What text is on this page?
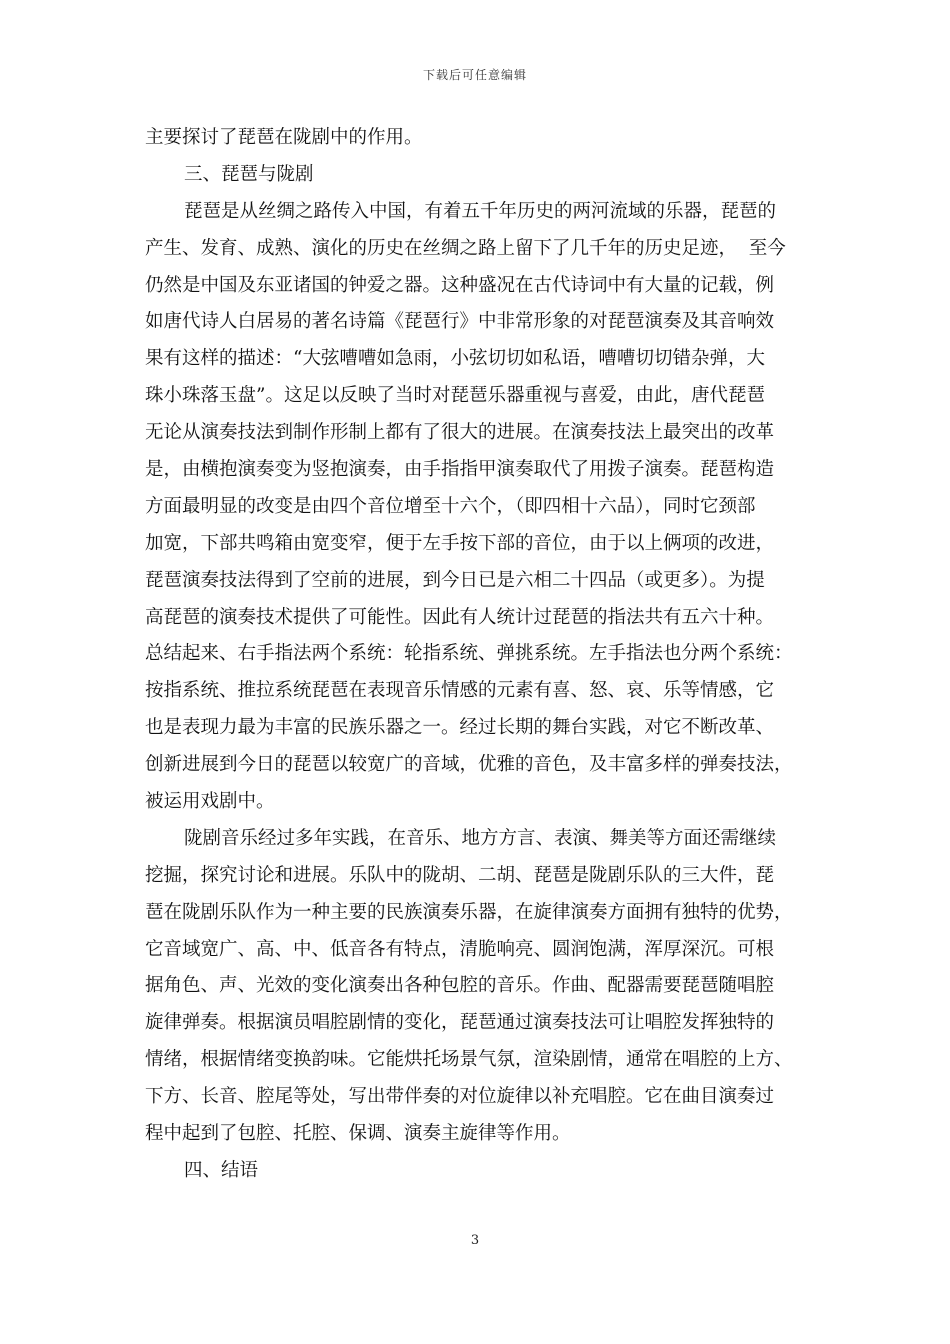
下载后可任意编辑
主要探讨了琵琶在陇剧中的作用。
三、琵琶与陇剧
琵琶是从丝绸之路传入中国，有着五千年历史的两河流域的乐器，琵琶的
产生、发育、成熟、演化的历史在丝绸之路上留下了几千年的历史足迹，  至今
仍然是中国及东亚诸国的钟爱之器。这种盛况在古代诗词中有大量的记载，例
如唐代诗人白居易的著名诗篇《琵琶行》中非常形象的对琵琶演奏及其音响效
果有这样的描述：“大弦嘈嘈如急雨，小弦切切如私语，嘈嘈切切错杂弹，大
珠小珠落玉盘”。这足以反映了当时对琵琶乐器重视与喜爱，由此，唐代琵琶
无论从演奏技法到制作形制上都有了很大的进展。在演奏技法上最突出的改革
是，由横抱演奏变为竖抱演奏，由手指指甲演奏取代了用拨子演奏。琵琶构造
方面最明显的改变是由四个音位增至十六个，（即四相十六品），同时它颈部
加宽，下部共鸣箱由宽变窄，便于左手按下部的音位，由于以上俩项的改进，
琵琶演奏技法得到了空前的进展，到今日已是六相二十四品（或更多）。为提
高琵琶的演奏技术提供了可能性。因此有人统计过琵琶的指法共有五六十种。
总结起来、右手指法两个系统：轮指系统、弹挑系统。左手指法也分两个系统：
按指系统、推拉系统琵琶在表现音乐情感的元素有喜、怒、哀、乐等情感，它
也是表现力最为丰富的民族乐器之一。经过长期的舞台实践，对它不断改革、
创新进展到今日的琵琶以较宽广的音域，优雅的音色，及丰富多样的弹奏技法，
被运用戏剧中。
陇剧音乐经过多年实践，在音乐、地方方言、表演、舞美等方面还需继续
挖掘，探究讨论和进展。乐队中的陇胡、二胡、琵琶是陇剧乐队的三大件，琵
琶在陇剧乐队作为一种主要的民族演奏乐器，在旋律演奏方面拥有独特的优势，
它音域宽广、高、中、低音各有特点，清脆响亮、圆润饱满，浑厚深沉。可根
据角色、声、光效的变化演奏出各种包腔的音乐。作曲、配器需要琵琶随唱腔
旋律弹奏。根据演员唱腔剧情的变化，琵琶通过演奏技法可让唱腔发挥独特的
情绪，根据情绪变换韵味。它能烘托场景气氛，渲染剧情，通常在唱腔的上方、
下方、长音、腔尾等处，写出带伴奏的对位旋律以补充唱腔。它在曲目演奏过
程中起到了包腔、托腔、保调、演奏主旋律等作用。
四、结语
3
